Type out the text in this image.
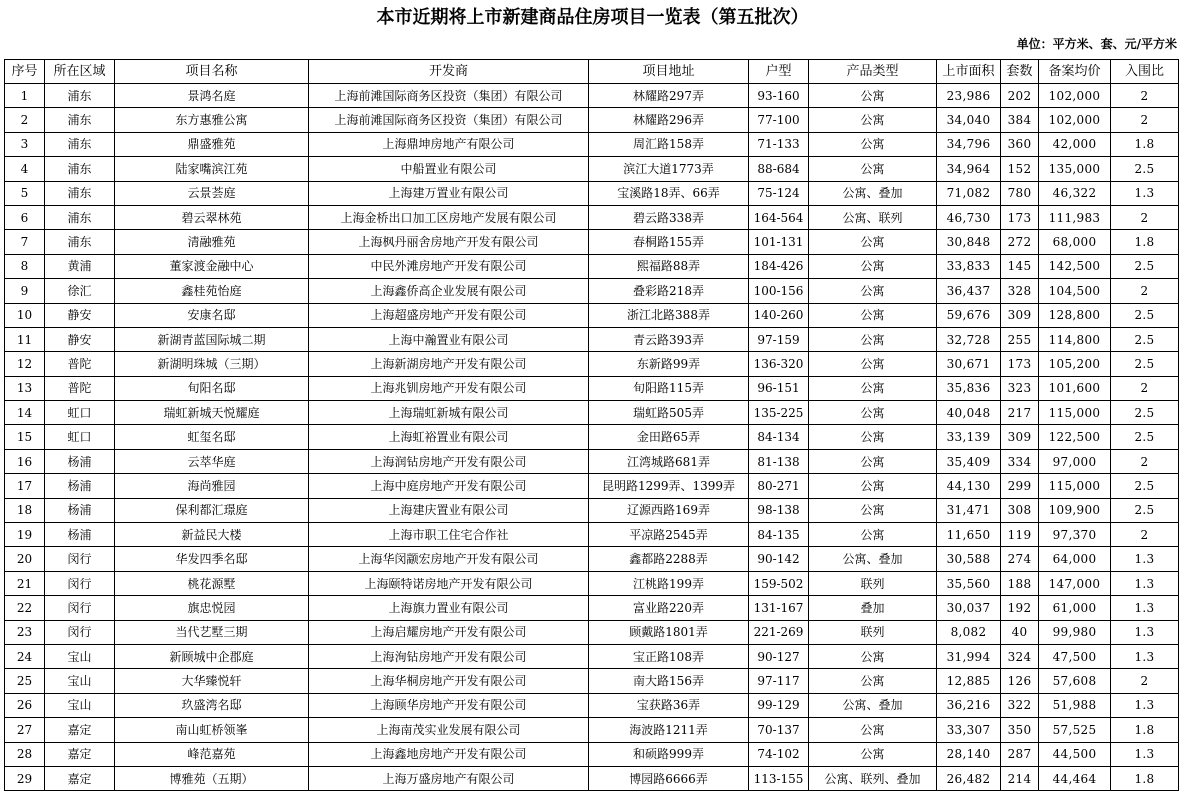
本市近期将上市新建商品住房项目一览表（第五批次）
单位：平方米、套、元/平方米
序号	所在区域	项目名称	开发商	项目地址	户型	产品类型	上市面积	套数	备案均价	入围比
1	浦东	景鸿名庭	上海前滩国际商务区投资（集团）有限公司	林耀路297弄	93-160	公寓	23,986	202	102,000	2
2	浦东	东方惠雅公寓	上海前滩国际商务区投资（集团）有限公司	林耀路296弄	77-100	公寓	34,040	384	102,000	2
3	浦东	鼎盛雅苑	上海鼎坤房地产有限公司	周汇路158弄	71-133	公寓	34,796	360	42,000	1.8
4	浦东	陆家嘴滨江苑	中船置业有限公司	滨江大道1773弄	88-684	公寓	34,964	152	135,000	2.5
5	浦东	云景荟庭	上海建万置业有限公司	宝溪路18弄、66弄	75-124	公寓、叠加	71,082	780	46,322	1.3
6	浦东	碧云翠林苑	上海金桥出口加工区房地产发展有限公司	碧云路338弄	164-564	公寓、联列	46,730	173	111,983	2
7	浦东	清融雅苑	上海枫丹丽舍房地产开发有限公司	春桐路155弄	101-131	公寓	30,848	272	68,000	1.8
8	黄浦	董家渡金融中心	中民外滩房地产开发有限公司	熙福路88弄	184-426	公寓	33,833	145	142,500	2.5
9	徐汇	鑫桂苑怡庭	上海鑫侨高企业发展有限公司	叠彩路218弄	100-156	公寓	36,437	328	104,500	2
10	静安	安康名邸	上海超盛房地产开发有限公司	浙江北路388弄	140-260	公寓	59,676	309	128,800	2.5
11	静安	新湖青蓝国际城二期	上海中瀚置业有限公司	青云路393弄	97-159	公寓	32,728	255	114,800	2.5
12	普陀	新湖明珠城（三期）	上海新湖房地产开发有限公司	东新路99弄	136-320	公寓	30,671	173	105,200	2.5
13	普陀	旬阳名邸	上海兆钏房地产开发有限公司	旬阳路115弄	96-151	公寓	35,836	323	101,600	2
14	虹口	瑞虹新城天悦耀庭	上海瑞虹新城有限公司	瑞虹路505弄	135-225	公寓	40,048	217	115,000	2.5
15	虹口	虹玺名邸	上海虹裕置业有限公司	金田路65弄	84-134	公寓	33,139	309	122,500	2.5
16	杨浦	云萃华庭	上海润钻房地产开发有限公司	江湾城路681弄	81-138	公寓	35,409	334	97,000	2
17	杨浦	海尚雅园	上海中庭房地产开发有限公司	昆明路1299弄、1399弄	80-271	公寓	44,130	299	115,000	2.5
18	杨浦	保利都汇璟庭	上海建庆置业有限公司	辽源西路169弄	98-138	公寓	31,471	308	109,900	2.5
19	杨浦	新益民大楼	上海市职工住宅合作社	平凉路2545弄	84-135	公寓	11,650	119	97,370	2
20	闵行	华发四季名邸	上海华闵颛宏房地产开发有限公司	鑫都路2288弄	90-142	公寓、叠加	30,588	274	64,000	1.3
21	闵行	桃花源墅	上海颐特诺房地产开发有限公司	江桃路199弄	159-502	联列	35,560	188	147,000	1.3
22	闵行	旗忠悦园	上海旗力置业有限公司	富业路220弄	131-167	叠加	30,037	192	61,000	1.3
23	闵行	当代艺墅三期	上海启耀房地产开发有限公司	顾戴路1801弄	221-269	联列	8,082	40	99,980	1.3
24	宝山	新顾城中企郡庭	上海洵钻房地产开发有限公司	宝正路108弄	90-127	公寓	31,994	324	47,500	1.3
25	宝山	大华臻悦轩	上海华桐房地产开发有限公司	南大路156弄	97-117	公寓	12,885	126	57,608	2
26	宝山	玖盛湾名邸	上海顾华房地产开发有限公司	宝获路36弄	99-129	公寓、叠加	36,216	322	51,988	1.3
27	嘉定	南山虹桥领峯	上海南茂实业发展有限公司	海波路1211弄	70-137	公寓	33,307	350	57,525	1.8
28	嘉定	峰范嘉苑	上海鑫地房地产开发有限公司	和硕路999弄	74-102	公寓	28,140	287	44,500	1.3
29	嘉定	博雅苑（五期）	上海万盛房地产有限公司	博园路6666弄	113-155	公寓、联列、叠加	26,482	214	44,464	1.8
